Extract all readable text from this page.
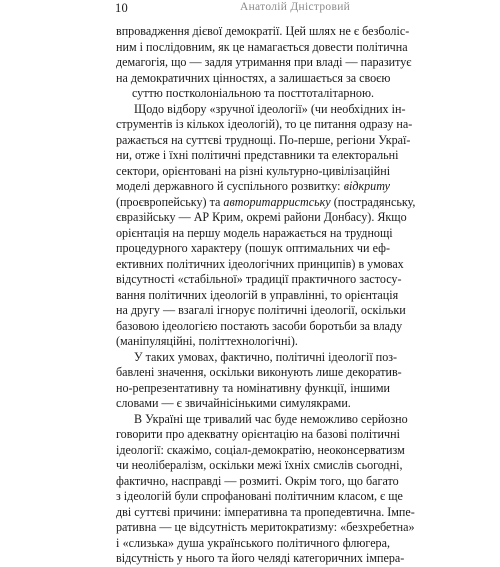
10	Анатолій Дністровий
впровадження дієвої демократії. Цей шлях не є безболіс-
ним і послідовним, як це намагається довести політична
демагогія, що — задля утримання при владі — паразитує
на демократичних цінностях, а залишається за своєю
суттю постколоніальною та посттоталітарною.
Щодо відбору «зручної ідеології» (чи необхідних ін-
струментів із кількох ідеологій), то це питання одразу на-
ражається на суттєві труднощі. По-перше, регіони Украї-
ни, отже і їхні політичні представники та електоральні
сектори, орієнтовані на різні культурно-цивілізаційні
моделі державного й суспільного розвитку: відкриту
(проєвропейську) та авторитарристську (пострадянську,
євразійську — АР Крим, окремі райони Донбасу). Якщо
орієнтація на першу модель наражається на труднощі
процедурного характеру (пошук оптимальних чи еф-
ективних політичних ідеологічних принципів) в умовах
відсутності «стабільної» традиції практичного застосу-
вання політичних ідеологій в управлінні, то орієнтація
на другу — взагалі ігнорує політичні ідеології, оскільки
базовою ідеологією постають засоби боротьби за владу
(маніпуляційні, політтехнологічні).
У таких умовах, фактично, політичні ідеології поз-
бавлені значення, оскільки виконують лише декоратив-
но-репрезентативну та номінативну функції, іншими
словами — є звичайнісінькими симулякрами.
В Україні ще тривалий час буде неможливо серйозно
говорити про адекватну орієнтацію на базові політичні
ідеології: скажімо, соціал-демократію, неоконсерватизм
чи неолібералізм, оскільки межі їхніх смислів сьогодні,
фактично, насправді — розмиті. Окрім того, що багато
з ідеологій були спрофанованi політичним класом, є ще
дві суттєві причини: імперативна та пропедевтична. Імпе-
ративна — це відсутність меритократизму: «безхребетна»
і «слизька» душа українського політичного флюгера,
відсутність у нього та його челяді категоричних імпера-
